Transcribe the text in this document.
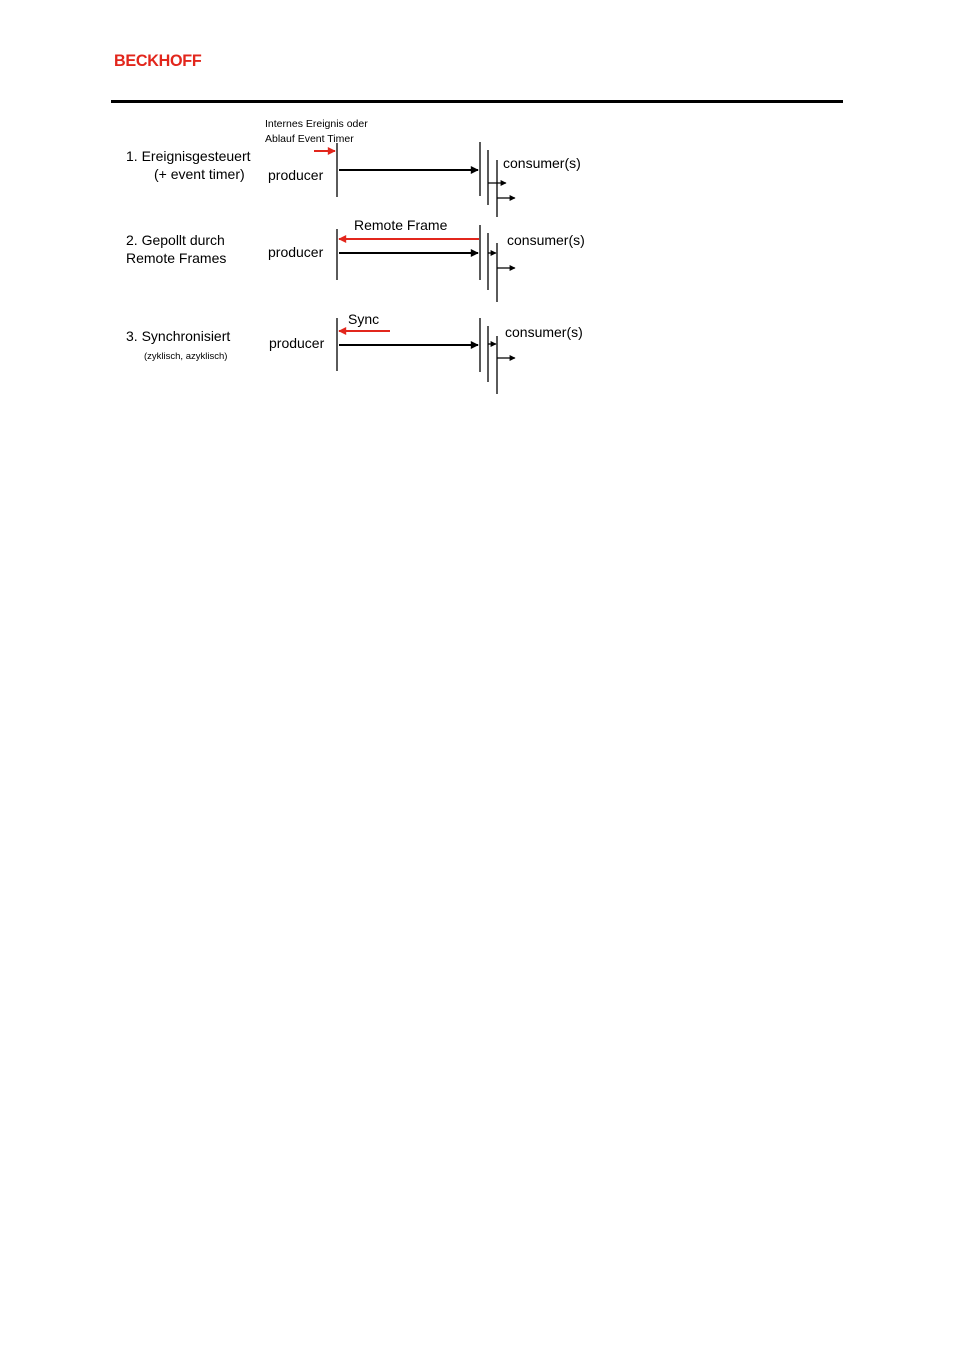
BECKHOFF
1. Ereignisgesteuert
(+ event timer)
Internes Ereignis oder
Ablauf Event Timer
producer
consumer(s)
2. Gepollt durch
Remote Frames	producer
Remote Frame
consumer(s)
3. Synchronisiert
(zyklisch, azyklisch)
producer
Sync
consumer(s)
